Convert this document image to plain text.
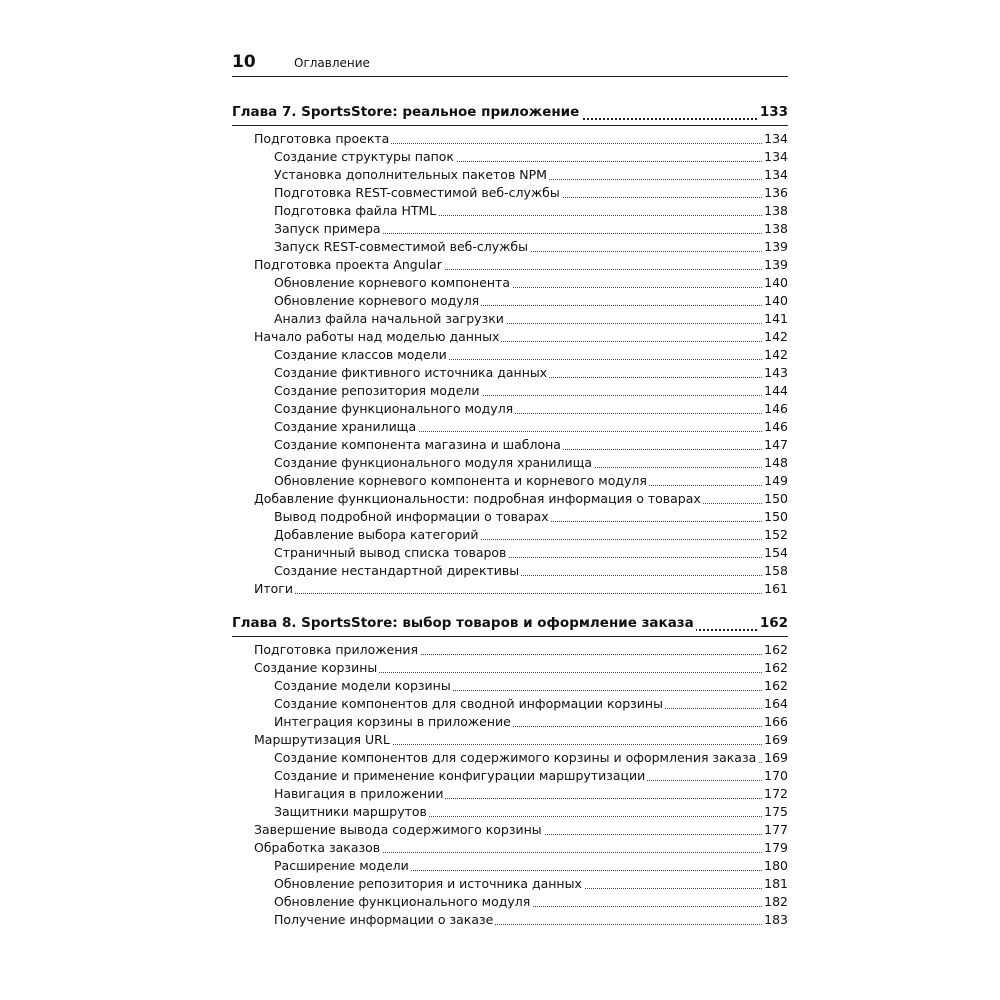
10	Оглавление
Глава 7. SportsStore: реальное приложение	133
Подготовка проекта	134
Создание структуры папок	134
Установка дополнительных пакетов NPM	134
Подготовка REST-совместимой веб-службы	136
Подготовка файла HTML	138
Запуск примера	138
Запуск REST-совместимой веб-службы	139
Подготовка проекта Angular	139
Обновление корневого компонента	140
Обновление корневого модуля	140
Анализ файла начальной загрузки	141
Начало работы над моделью данных	142
Создание классов модели	142
Создание фиктивного источника данных	143
Создание репозитория модели	144
Создание функционального модуля	146
Создание хранилища	146
Создание компонента магазина и шаблона	147
Создание функционального модуля хранилища	148
Обновление корневого компонента и корневого модуля	149
Добавление функциональности: подробная информация о товарах	150
Вывод подробной информации о товарах	150
Добавление выбора категорий	152
Страничный вывод списка товаров	154
Создание нестандартной директивы	158
Итоги	161
Глава 8. SportsStore: выбор товаров и оформление заказа	162
Подготовка приложения	162
Создание корзины	162
Создание модели корзины	162
Создание компонентов для сводной информации корзины	164
Интеграция корзины в приложение	166
Маршрутизация URL	169
Создание компонентов для содержимого корзины и оформления заказа 169
Создание и применение конфигурации маршрутизации	170
Навигация в приложении	172
Защитники маршрутов	175
Завершение вывода содержимого корзины	177
Обработка заказов	179
Расширение модели	180
Обновление репозитория и источника данных	181
Обновление функционального модуля	182
Получение информации о заказе	183
